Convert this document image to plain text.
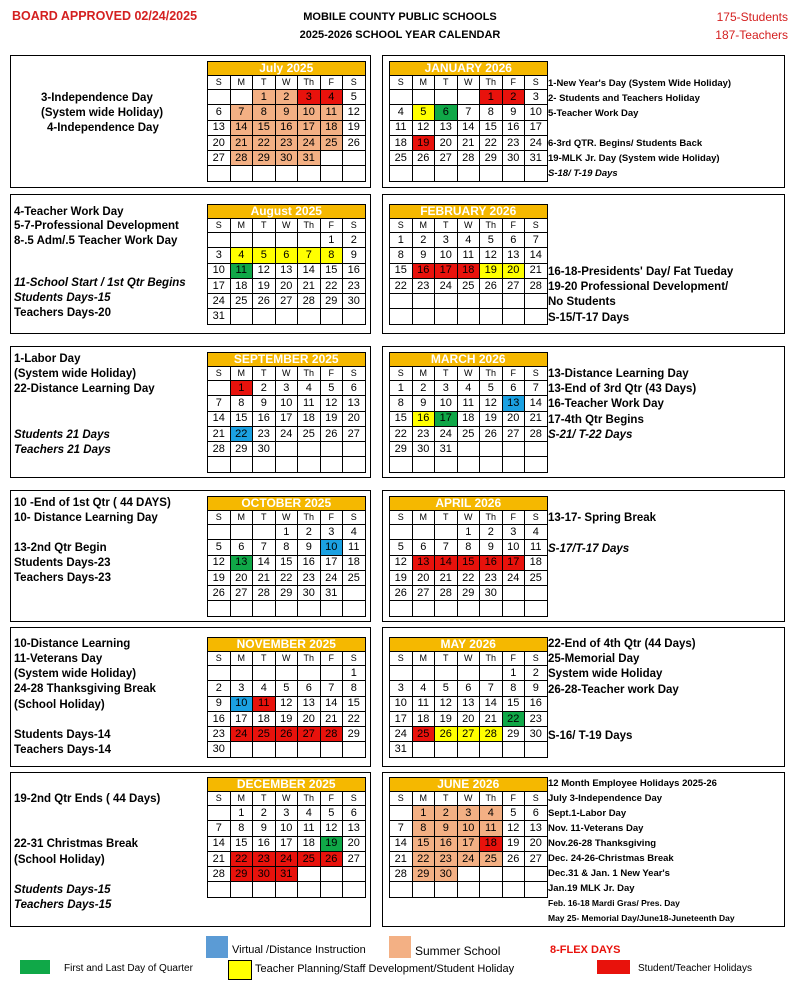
BOARD APPROVED 02/24/2025	MOBILE COUNTY PUBLIC SCHOOLS
2025-2026 SCHOOL YEAR CALENDAR
175-Students
187-Teachers
3-Independence Day
(System wide Holiday)
4-Independence Day
July 2025						
S	M	T	W	Th	F	S
		1	2	3	4	5
6	7	8	9	10	11	12
13	14	15	16	17	18	19
20	21	22	23	24	25	26
27	28	29	30	31		

JANUARY 2026						
S	M	T	W	Th	F	S
				1	2	3
4	5	6	7	8	9	10
11	12	13	14	15	16	17
18	19	20	21	22	23	24
25	26	27	28	29	30	31

1-New Year's Day (System Wide Holiday)
2- Students and Teachers Holiday
5-Teacher Work Day
6-3rd QTR. Begins/ Students Back
19-MLK Jr. Day (System wide Holiday)
S-18/ T-19 Days
4-Teacher Work Day
5-7-Professional Development
8-.5 Adm/.5 Teacher Work Day
11-School Start / 1st Qtr Begins
Students Days-15
Teachers Days-20
August 2025						
S	M	T	W	Th	F	S
					1	2
3	4	5	6	7	8	9
10	11	12	13	14	15	16
17	18	19	20	21	22	23
24	25	26	27	28	29	30
31						
FEBRUARY 2026						
S	M	T	W	Th	F	S
1	2	3	4	5	6	7
8	9	10	11	12	13	14
15	16	17	18	19	20	21
22	23	24	25	26	27	28

16-18-Presidents' Day/ Fat Tueday
19-20 Professional Development/
No Students
S-15/T-17 Days
1-Labor Day
(System wide Holiday)
22-Distance Learning Day
Students 21 Days
Teachers 21 Days
SEPTEMBER 2025						
S	M	T	W	Th	F	S
	1	2	3	4	5	6
7	8	9	10	11	12	13
14	15	16	17	18	19	20
21	22	23	24	25	26	27
28	29	30				

MARCH 2026						
S	M	T	W	Th	F	S
1	2	3	4	5	6	7
8	9	10	11	12	13	14
15	16	17	18	19	20	21
22	23	24	25	26	27	28
29	30	31				

13-Distance Learning Day
13-End of 3rd Qtr (43 Days)
16-Teacher Work Day
17-4th Qtr Begins
S-21/ T-22 Days
10 -End of 1st Qtr ( 44 DAYS)
10- Distance Learning Day
13-2nd Qtr Begin
Students Days-23
Teachers Days-23
OCTOBER 2025						
S	M	T	W	Th	F	S
			1	2	3	4
5	6	7	8	9	10	11
12	13	14	15	16	17	18
19	20	21	22	23	24	25
26	27	28	29	30	31	

APRIL 2026						
S	M	T	W	Th	F	S
			1	2	3	4
5	6	7	8	9	10	11
12	13	14	15	16	17	18
19	20	21	22	23	24	25
26	27	28	29	30		

13-17- Spring Break
S-17/T-17 Days
10-Distance Learning
11-Veterans Day
(System wide Holiday)
24-28 Thanksgiving Break
(School Holiday)
Students Days-14
Teachers Days-14
NOVEMBER 2025						
S	M	T	W	Th	F	S
						1
2	3	4	5	6	7	8
9	10	11	12	13	14	15
16	17	18	19	20	21	22
23	24	25	26	27	28	29
30						
MAY 2026						
S	M	T	W	Th	F	S
					1	2
3	4	5	6	7	8	9
10	11	12	13	14	15	16
17	18	19	20	21	22	23
24	25	26	27	28	29	30
31						
22-End of 4th Qtr (44 Days)
25-Memorial Day
System wide Holiday
26-28-Teacher work Day
S-16/ T-19 Days
19-2nd Qtr Ends ( 44 Days)
22-31 Christmas Break
(School Holiday)
Students Days-15
Teachers Days-15
DECEMBER 2025						
S	M	T	W	Th	F	S
	1	2	3	4	5	6
7	8	9	10	11	12	13
14	15	16	17	18	19	20
21	22	23	24	25	26	27
28	29	30	31			

JUNE 2026						
S	M	T	W	Th	F	S
	1	2	3	4	5	6
7	8	9	10	11	12	13
14	15	16	17	18	19	20
21	22	23	24	25	26	27
28	29	30				

12 Month Employee Holidays 2025-26
July 3-Independence Day
Sept.1-Labor Day
Nov. 11-Veterans Day
Nov.26-28 Thanksgiving
Dec. 24-26-Christmas Break
Dec.31 & Jan. 1 New Year's
Jan.19 MLK Jr. Day
Feb. 16-18 Mardi Gras/ Pres. Day
May 25- Memorial Day/June18-Juneteenth Day
Virtual /Distance Instruction	Summer School	8-FLEX DAYS
First and Last Day of Quarter	Teacher Planning/Staff Development/Student Holiday	Student/Teacher Holidays
